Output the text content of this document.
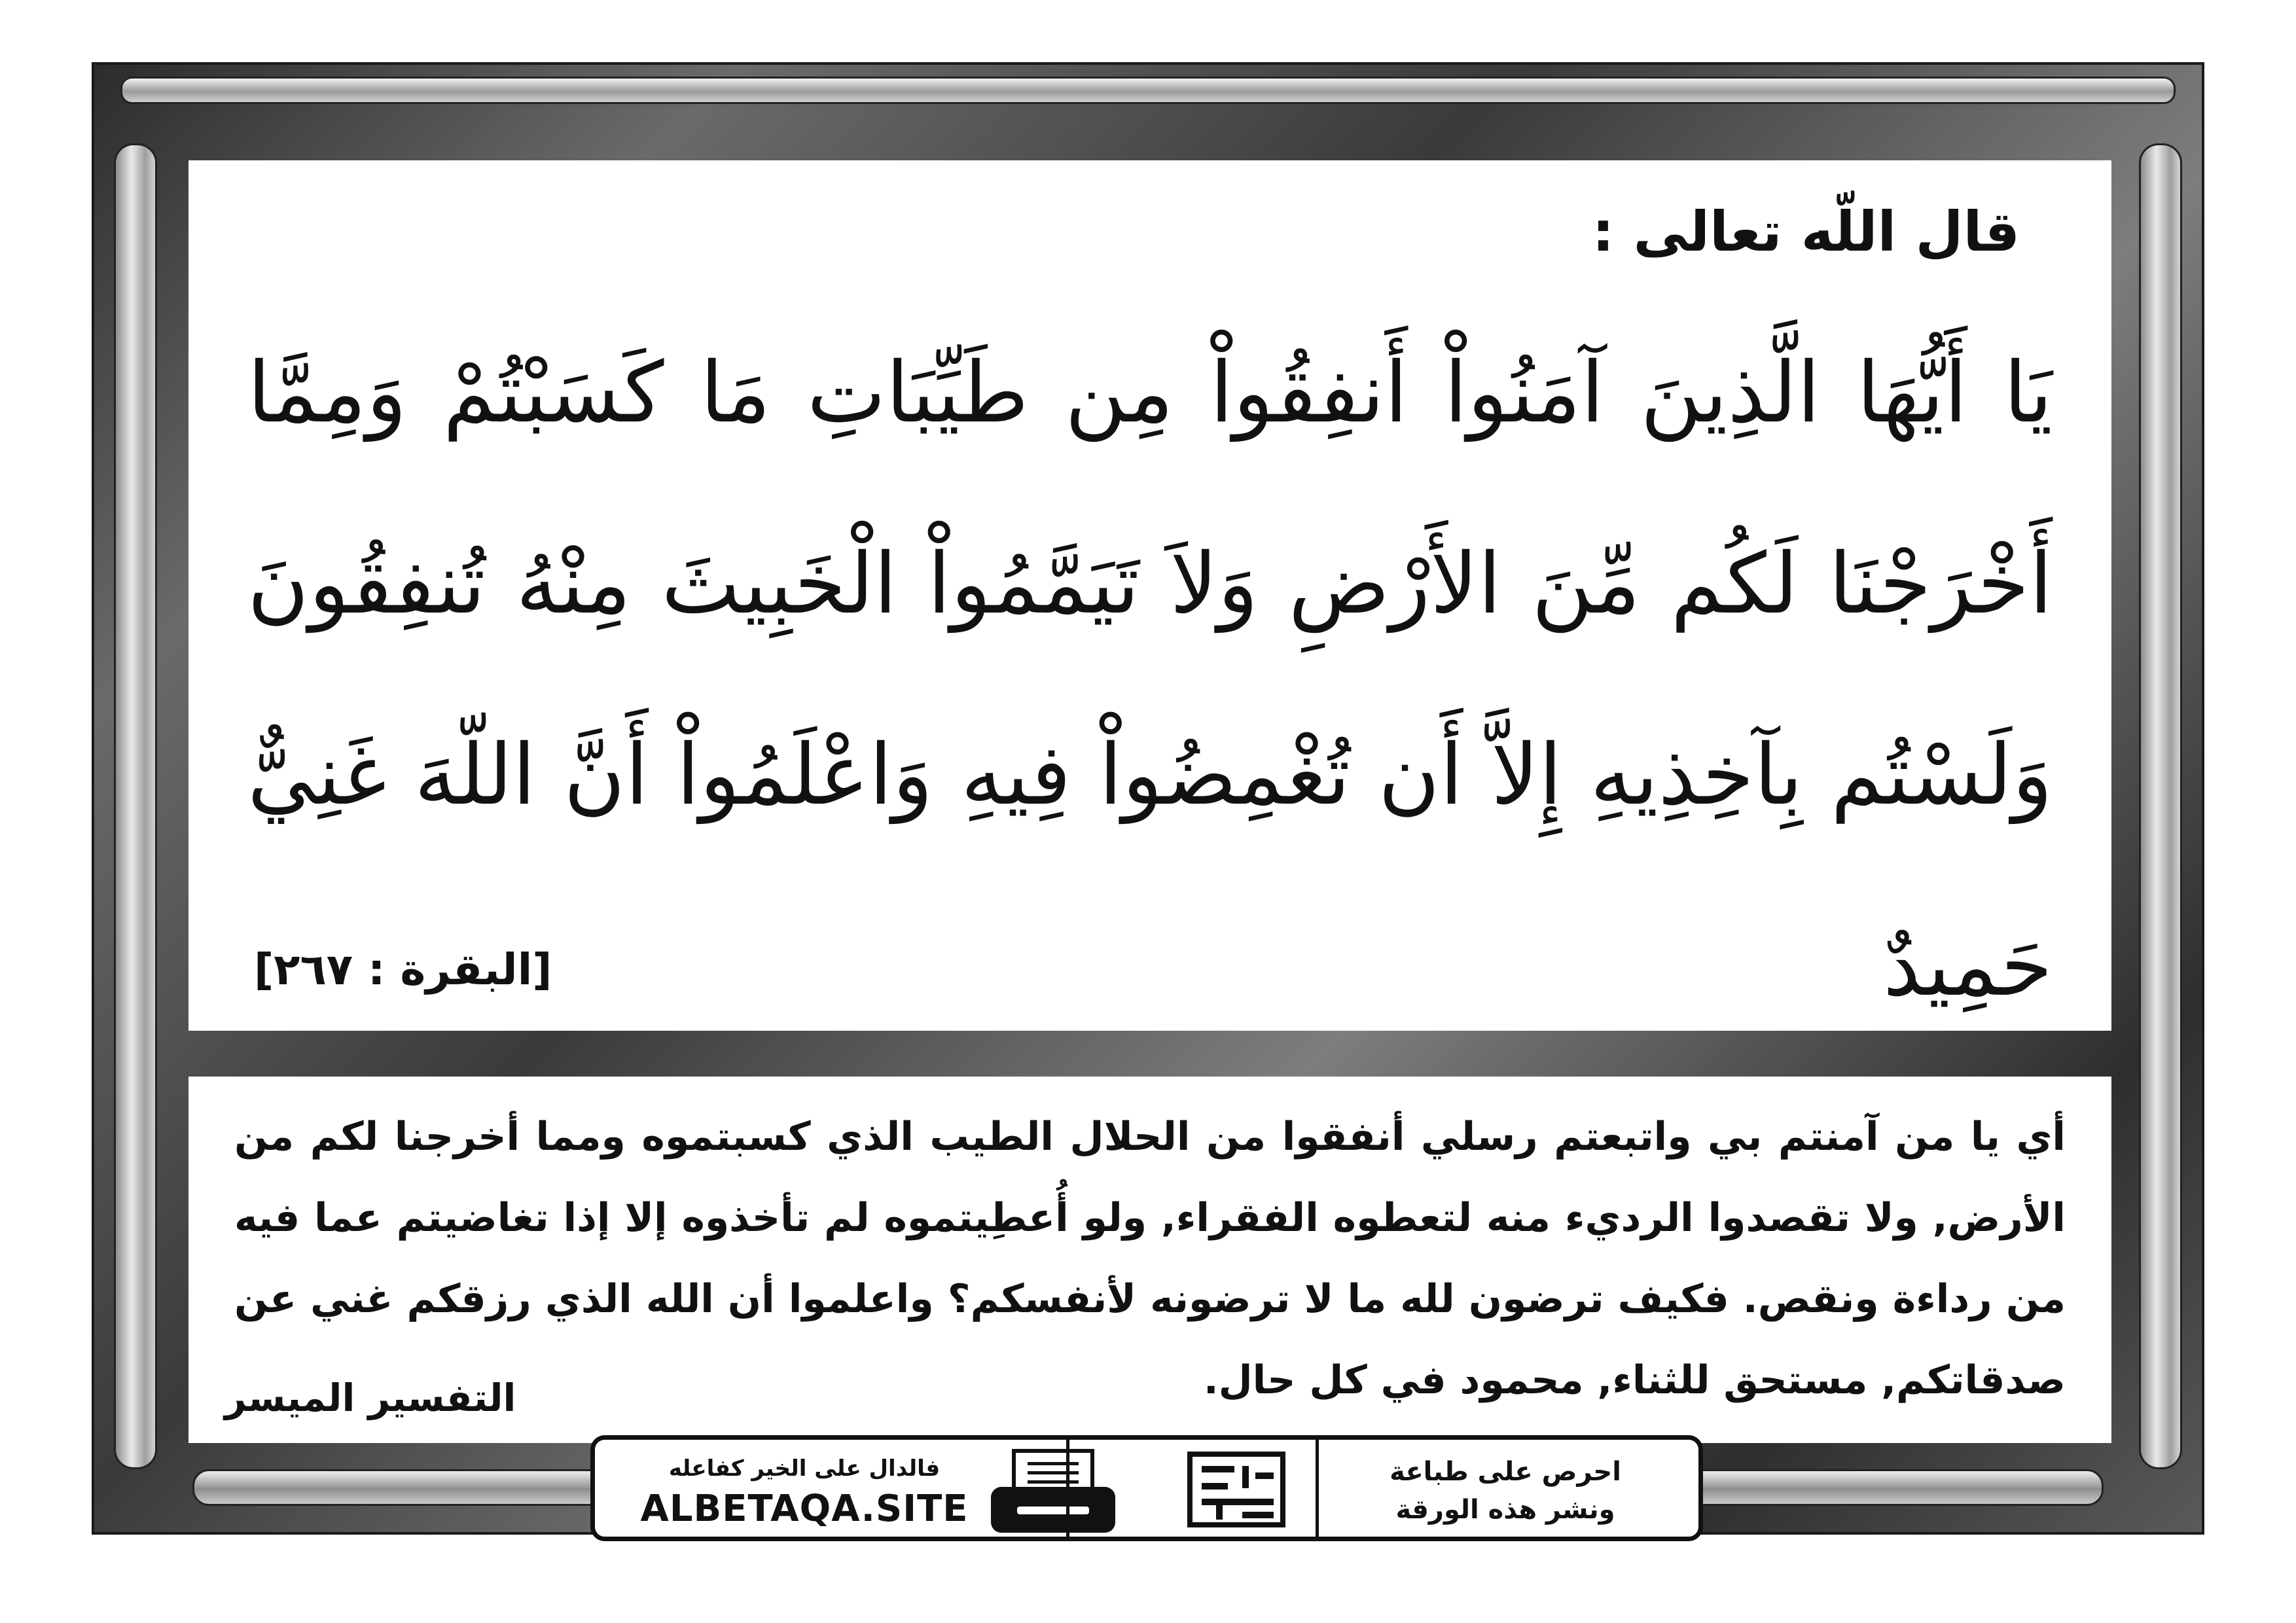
قال اللّه تعالى :
يَا أَيُّهَا الَّذِينَ آمَنُواْ أَنفِقُواْ مِن طَيِّبَاتِ مَا كَسَبْتُمْ وَمِمَّا أَخْرَجْنَا لَكُم مِّنَ الأَرْضِ وَلاَ تَيَمَّمُواْ الْخَبِيثَ مِنْهُ تُنفِقُونَ وَلَسْتُم بِآخِذِيهِ إِلاَّ أَن تُغْمِضُواْ فِيهِ وَاعْلَمُواْ أَنَّ اللّهَ غَنِيٌّ حَمِيدٌ
[البقرة : ٢٦٧]
أي يا من آمنتم بي واتبعتم رسلي أنفقوا من الحلال الطيب الذي كسبتموه ومما أخرجنا لكم من الأرض, ولا تقصدوا الرديء منه لتعطوه الفقراء, ولو أُعطِيتموه لم تأخذوه إلا إذا تغاضيتم عما فيه من رداءة ونقص. فكيف ترضون لله ما لا ترضونه لأنفسكم؟ واعلموا أن الله الذي رزقكم غني عن صدقاتكم, مستحق للثناء, محمود في كل حال.
التفسير الميسر
احرص على طباعة
ونشر هذه الورقة
فالدال على الخير كفاعله
ALBETAQA.SITE
